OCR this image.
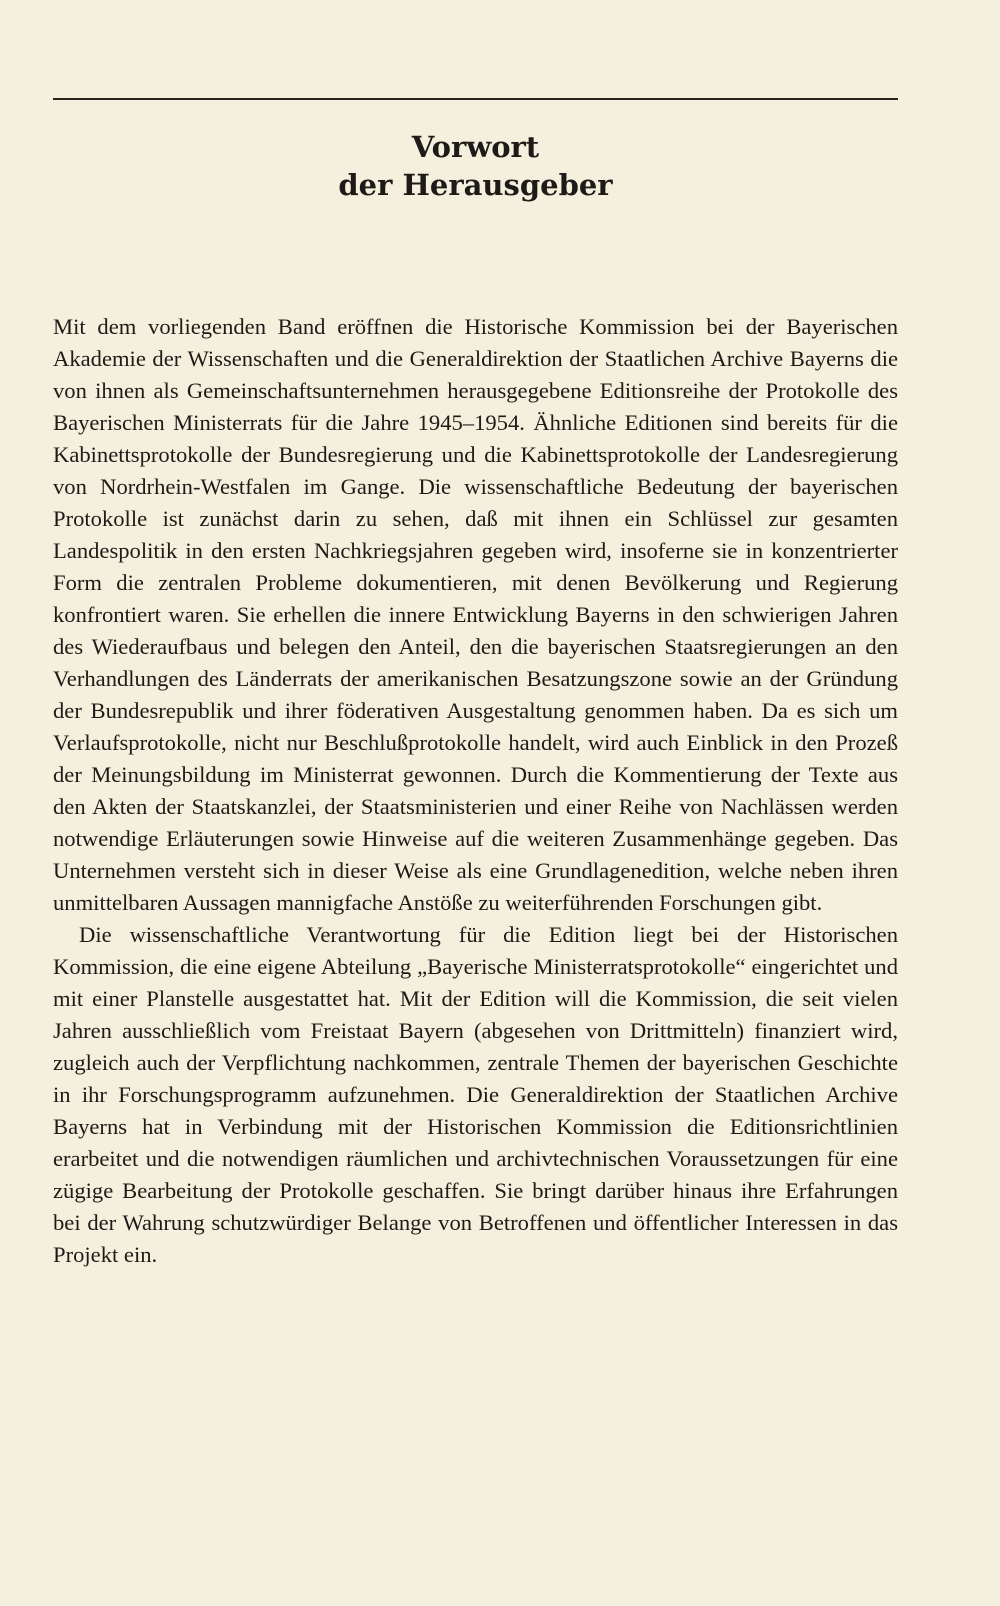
Vorwort
der Herausgeber

Mit dem vorliegenden Band eröffnen die Historische Kommission bei der Bayerischen Akademie der Wissenschaften und die Generaldirektion der Staatlichen Archive Bayerns die von ihnen als Gemeinschaftsunternehmen herausgegebene Editionsreihe der Protokolle des Bayerischen Ministerrats für die Jahre 1945–1954. Ähnliche Editionen sind bereits für die Kabinettsprotokolle der Bundesregierung und die Kabinettsprotokolle der Landesregierung von Nordrhein-Westfalen im Gange. Die wissenschaftliche Bedeutung der bayerischen Protokolle ist zunächst darin zu sehen, daß mit ihnen ein Schlüssel zur gesamten Landespolitik in den ersten Nachkriegsjahren gegeben wird, insoferne sie in konzentrierter Form die zentralen Probleme dokumentieren, mit denen Bevölkerung und Regierung konfrontiert waren. Sie erhellen die innere Entwicklung Bayerns in den schwierigen Jahren des Wiederaufbaus und belegen den Anteil, den die bayerischen Staatsregierungen an den Verhandlungen des Länderrats der amerikanischen Besatzungszone sowie an der Gründung der Bundesrepublik und ihrer föderativen Ausgestaltung genommen haben. Da es sich um Verlaufsprotokolle, nicht nur Beschlußprotokolle handelt, wird auch Einblick in den Prozeß der Meinungsbildung im Ministerrat gewonnen. Durch die Kommentierung der Texte aus den Akten der Staatskanzlei, der Staatsministerien und einer Reihe von Nachlässen werden notwendige Erläuterungen sowie Hinweise auf die weiteren Zusammenhänge gegeben. Das Unternehmen versteht sich in dieser Weise als eine Grundlagenedition, welche neben ihren unmittelbaren Aussagen mannigfache Anstöße zu weiterführenden Forschungen gibt.

Die wissenschaftliche Verantwortung für die Edition liegt bei der Historischen Kommission, die eine eigene Abteilung „Bayerische Ministerratsprotokolle“ eingerichtet und mit einer Planstelle ausgestattet hat. Mit der Edition will die Kommission, die seit vielen Jahren ausschließlich vom Freistaat Bayern (abgesehen von Drittmitteln) finanziert wird, zugleich auch der Verpflichtung nachkommen, zentrale Themen der bayerischen Geschichte in ihr Forschungsprogramm aufzunehmen. Die Generaldirektion der Staatlichen Archive Bayerns hat in Verbindung mit der Historischen Kommission die Editionsrichtlinien erarbeitet und die notwendigen räumlichen und archivtechnischen Voraussetzungen für eine zügige Bearbeitung der Protokolle geschaffen. Sie bringt darüber hinaus ihre Erfahrungen bei der Wahrung schutzwürdiger Belange von Betroffenen und öffentlicher Interessen in das Projekt ein.
